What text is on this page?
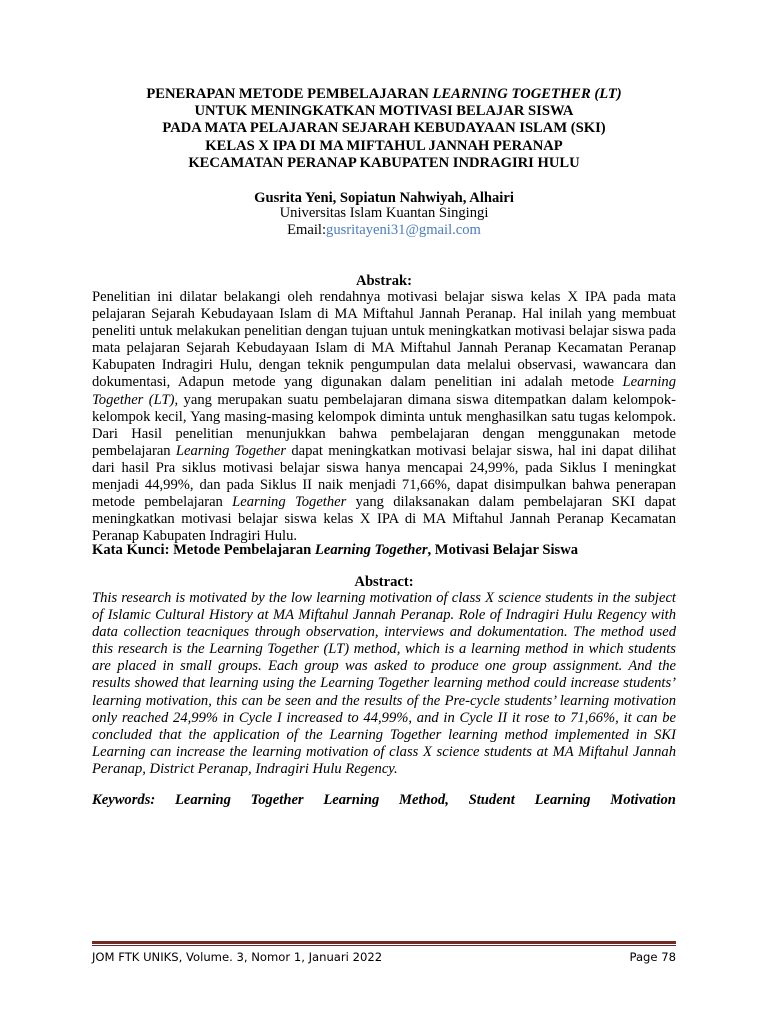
PENERAPAN METODE PEMBELAJARAN LEARNING TOGETHER (LT)
UNTUK MENINGKATKAN MOTIVASI BELAJAR SISWA
PADA MATA PELAJARAN SEJARAH KEBUDAYAAN ISLAM (SKI)
KELAS X IPA DI MA MIFTAHUL JANNAH PERANAP
KECAMATAN PERANAP KABUPATEN INDRAGIRI HULU
Gusrita Yeni, Sopiatun Nahwiyah, Alhairi
Universitas Islam Kuantan Singingi
Email:gusritayeni31@gmail.com
Abstrak:
Penelitian ini dilatar belakangi oleh rendahnya motivasi belajar siswa kelas X IPA pada mata pelajaran Sejarah Kebudayaan Islam di MA Miftahul Jannah Peranap. Hal inilah yang membuat peneliti untuk melakukan penelitian dengan tujuan untuk meningkatkan motivasi belajar siswa pada mata pelajaran Sejarah Kebudayaan Islam di MA Miftahul Jannah Peranap Kecamatan Peranap Kabupaten Indragiri Hulu, dengan teknik pengumpulan data melalui observasi, wawancara dan dokumentasi, Adapun metode yang digunakan dalam penelitian ini adalah metode Learning Together (LT), yang merupakan suatu pembelajaran dimana siswa ditempatkan dalam kelompok-kelompok kecil, Yang masing-masing kelompok diminta untuk menghasilkan satu tugas kelompok. Dari Hasil penelitian menunjukkan bahwa pembelajaran dengan menggunakan metode pembelajaran Learning Together dapat meningkatkan motivasi belajar siswa, hal ini dapat dilihat dari hasil Pra siklus motivasi belajar siswa hanya mencapai 24,99%, pada Siklus I meningkat menjadi 44,99%, dan pada Siklus II naik menjadi 71,66%, dapat disimpulkan bahwa penerapan metode pembelajaran Learning Together yang dilaksanakan dalam pembelajaran SKI dapat meningkatkan motivasi belajar siswa kelas X IPA di MA Miftahul Jannah Peranap Kecamatan Peranap Kabupaten Indragiri Hulu.
Kata Kunci: Metode Pembelajaran Learning Together, Motivasi Belajar Siswa
Abstract:
This research is motivated by the low learning motivation of class X science students in the subject of Islamic Cultural History at MA Miftahul Jannah Peranap. Role of Indragiri Hulu Regency with data collection teacniques through observation, interviews and dokumentation. The method used this research is the Learning Together (LT) method, which is a learning method in which students are placed in small groups. Each group was asked to produce one group assignment. And the results showed that learning using the Learning Together learning method could increase students’ learning motivation, this can be seen and the results of the Pre-cycle students’ learning motivation only reached 24,99% in Cycle I increased to 44,99%, and in Cycle II it rose to 71,66%, it can be concluded that the application of the Learning Together learning method implemented in SKI Learning can increase the learning motivation of class X science students at MA Miftahul Jannah Peranap, District Peranap, Indragiri Hulu Regency.
Keywords: Learning Together Learning Method, Student Learning Motivation
JOM FTK UNIKS, Volume. 3, Nomor 1, Januari 2022	Page 78
